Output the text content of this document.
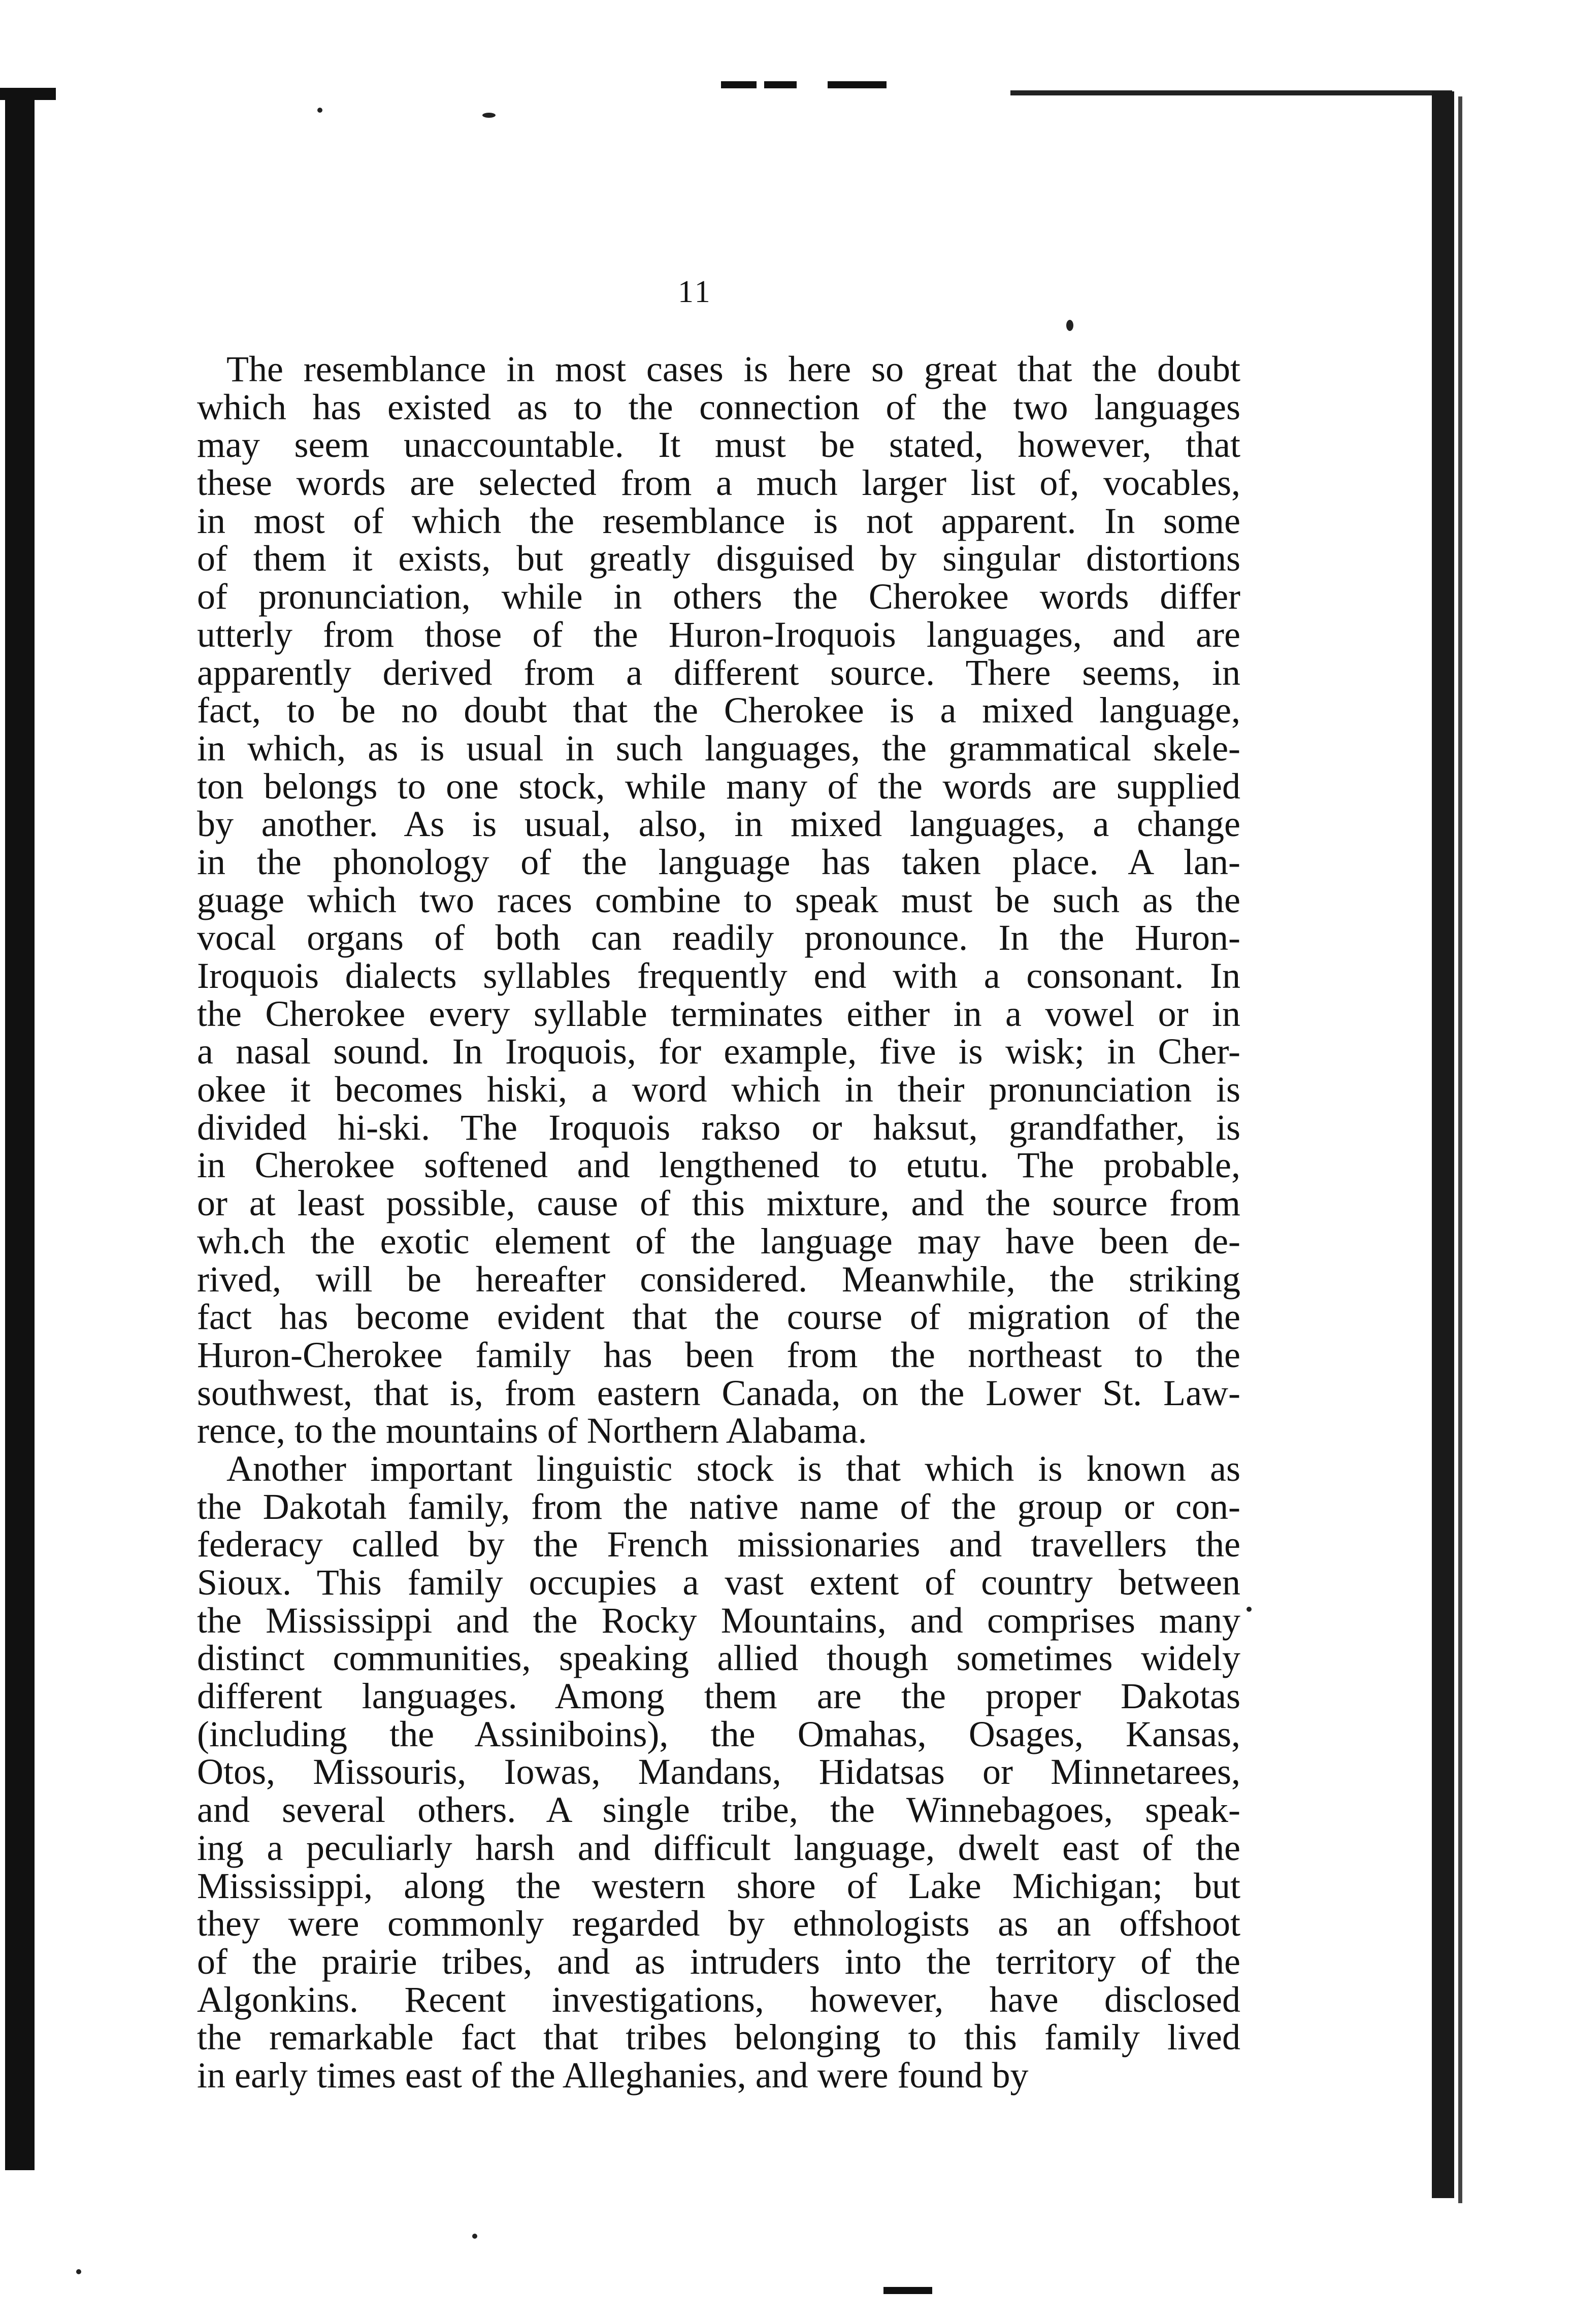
11
The resemblance in most cases is here so great that the doubt
which has existed as to the connection of the two languages
may seem unaccountable. It must be stated, however, that
these words are selected from a much larger list of, vocables,
in most of which the resemblance is not apparent. In some
of them it exists, but greatly disguised by singular distortions
of pronunciation, while in others the Cherokee words differ
utterly from those of the Huron-Iroquois languages, and are
apparently derived from a different source. There seems, in
fact, to be no doubt that the Cherokee is a mixed language,
in which, as is usual in such languages, the grammatical skele-
ton belongs to one stock, while many of the words are supplied
by another. As is usual, also, in mixed languages, a change
in the phonology of the language has taken place. A lan-
guage which two races combine to speak must be such as the
vocal organs of both can readily pronounce. In the Huron-
Iroquois dialects syllables frequently end with a consonant. In
the Cherokee every syllable terminates either in a vowel or in
a nasal sound. In Iroquois, for example, five is wisk; in Cher-
okee it becomes hiski, a word which in their pronunciation is
divided hi-ski. The Iroquois rakso or haksut, grandfather, is
in Cherokee softened and lengthened to etutu. The probable,
or at least possible, cause of this mixture, and the source from
wh.ch the exotic element of the language may have been de-
rived, will be hereafter considered. Meanwhile, the striking
fact has become evident that the course of migration of the
Huron-Cherokee family has been from the northeast to the
southwest, that is, from eastern Canada, on the Lower St. Law-
rence, to the mountains of Northern Alabama.
Another important linguistic stock is that which is known as
the Dakotah family, from the native name of the group or con-
federacy called by the French missionaries and travellers the
Sioux. This family occupies a vast extent of country between
the Mississippi and the Rocky Mountains, and comprises many
distinct communities, speaking allied though sometimes widely
different languages. Among them are the proper Dakotas
(including the Assiniboins), the Omahas, Osages, Kansas,
Otos, Missouris, Iowas, Mandans, Hidatsas or Minnetarees,
and several others. A single tribe, the Winnebagoes, speak-
ing a peculiarly harsh and difficult language, dwelt east of the
Mississippi, along the western shore of Lake Michigan; but
they were commonly regarded by ethnologists as an offshoot
of the prairie tribes, and as intruders into the territory of the
Algonkins. Recent investigations, however, have disclosed
the remarkable fact that tribes belonging to this family lived
in early times east of the Alleghanies, and were found by
